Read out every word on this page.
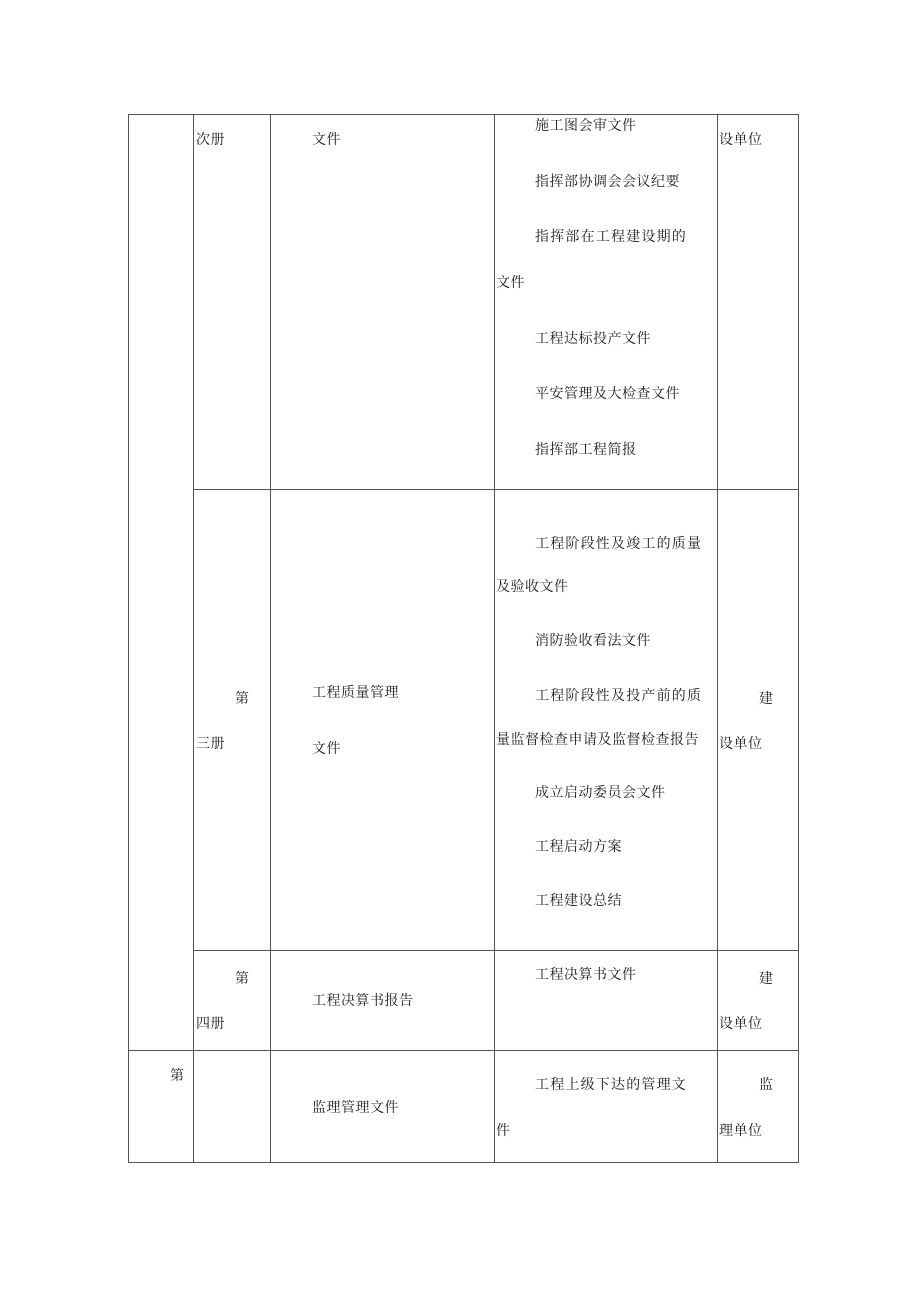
次册	文件
施工图会审文件
指挥部协调会会议纪要
指挥部在工程建设期的
文件
工程达标投产文件
平安管理及大检查文件
指挥部工程简报
设单位
第
三册
工程质量管理
文件
工程阶段性及竣工的质量
及验收文件
消防验收看法文件
工程阶段性及投产前的质
量监督检查申请及监督检查报告
成立启动委员会文件
工程启动方案
工程建设总结
建
设单位
第
四册
工程决算书报告
工程决算书文件	建
设单位
第
监理管理文件
工程上级下达的管理文
件
监
理单位
